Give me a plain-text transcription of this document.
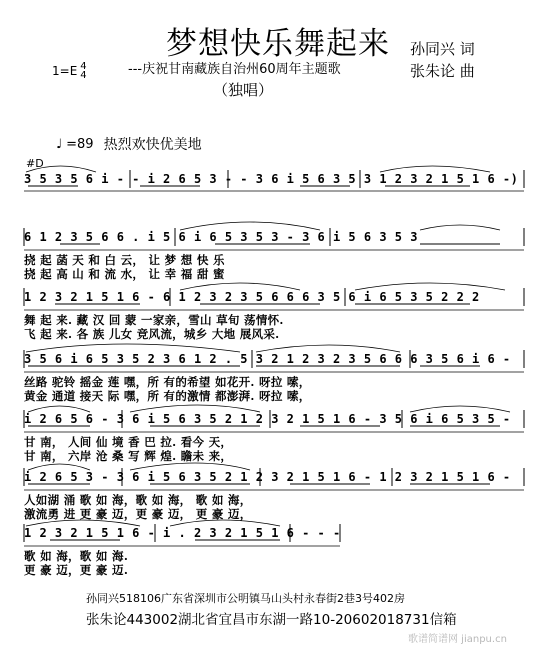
梦想快乐舞起来
---庆祝甘南藏族自治州60周年主题歌
（独唱）
孙同兴 词
张朱论 曲
1=E 4
4
♩ =89 热烈欢快优美地
#D
3 5 3 5 6 i - - i 2 6 5 3 - - 3 6 i 5 6 3 5 3 1 2 3 2 1 5 1 6 -)
6 1 2 3 5 6 6 . i 5 6 i 6 5 3 5 3 - 3 6 i 5 6 3 5 3
挠 起 菡 天 和 白 云， 让 梦 想 快 乐
挠 起 高 山 和 流 水， 让 幸 福 甜 蜜
1 2 3 2 1 5 1 6 - 6 1 2 3 2 3 5 6 6 6 3 5 6 i 6 5 3 5 2 2 2
舞 起 来. 藏 汉 回 蒙 一家亲，雪山 草旬 荡情怀.
飞 起 来. 各 族 儿女 竞风流，城乡 大地 展风采.
3 5 6 i 6 5 3 5 2 3 6 1 2 . 5 3 2 1 2 3 2 3 5 6 6 6 3 5 6 i 6 -
丝路 驼铃 摇金 莲 嘿，所 有的希望 如花开. 呀拉 嗦，
黄金 通道 接天 际 嘿，所 有的激情 都澎湃. 呀拉 嗦，
i 2 6 5 6 - 3 6 i 5 6 3 5 2 1 2 3 2 1 5 1 6 - 3 5 6 i 6 5 3 5 -
甘 南， 人间 仙 境 香 巴 拉. 看今 天，
甘 南， 六岸 沧 桑 写 辉 煌. 瞻未 来，
i 2 6 5 3 - 3 6 i 5 6 3 5 2 1 2 3 2 1 5 1 6 - 1 2 3 2 1 5 1 6 -
人如湖 涌 歌 如 海，歌 如 海， 歌 如 海，
激流勇 进 更 豪 迈，更 豪 迈， 更 豪 迈，
1 2 3 2 1 5 1 6 - i . 2 3 2 1 5 1 6 - - -
歌 如 海，歌 如 海.
更 豪 迈，更 豪 迈.
孙同兴518106广东省深圳市公明镇马山头村永春街2巷3号402房
张朱论443002湖北省宜昌市东湖一路10-20602018731信箱
歌谱简谱网 jianpu.cn
